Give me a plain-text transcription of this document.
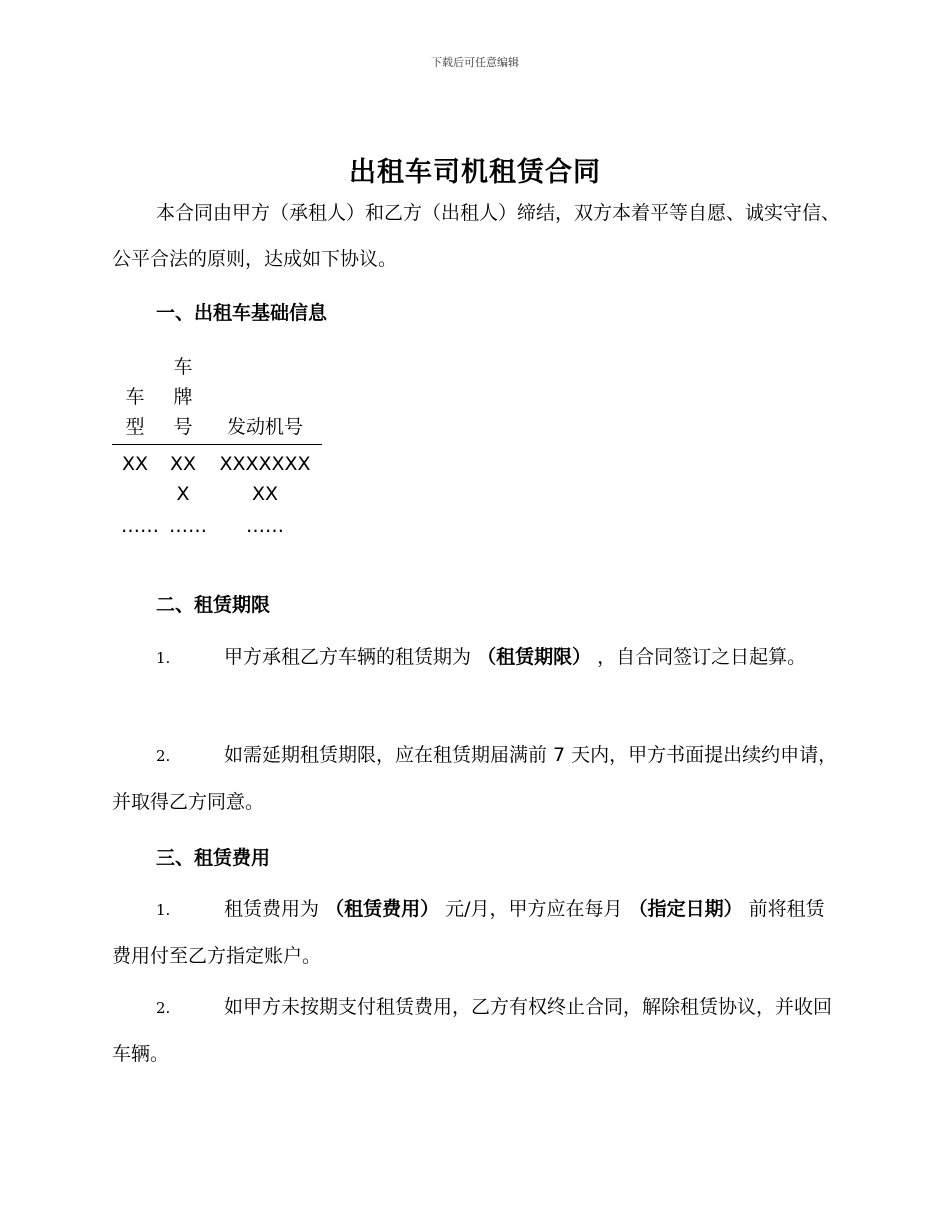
下载后可任意编辑
出租车司机租赁合同
本合同由甲方（承租人）和乙方（出租人）缔结，双方本着平等自愿、诚实守信、公平合法的原则，达成如下协议。
一、出租车基础信息
车型	车牌号	发动机号
XX	XXX	XXXXXXXXX
……	……	……
二、租赁期限
1.	甲方承租乙方车辆的租赁期为 （租赁期限） ，自合同签订之日起算。
2.	如需延期租赁期限，应在租赁期届满前 7 天内，甲方书面提出续约申请，并取得乙方同意。
三、租赁费用
1.	租赁费用为 （租赁费用） 元/月，甲方应在每月 （指定日期） 前将租赁费用付至乙方指定账户。
2.	如甲方未按期支付租赁费用，乙方有权终止合同，解除租赁协议，并收回车辆。
